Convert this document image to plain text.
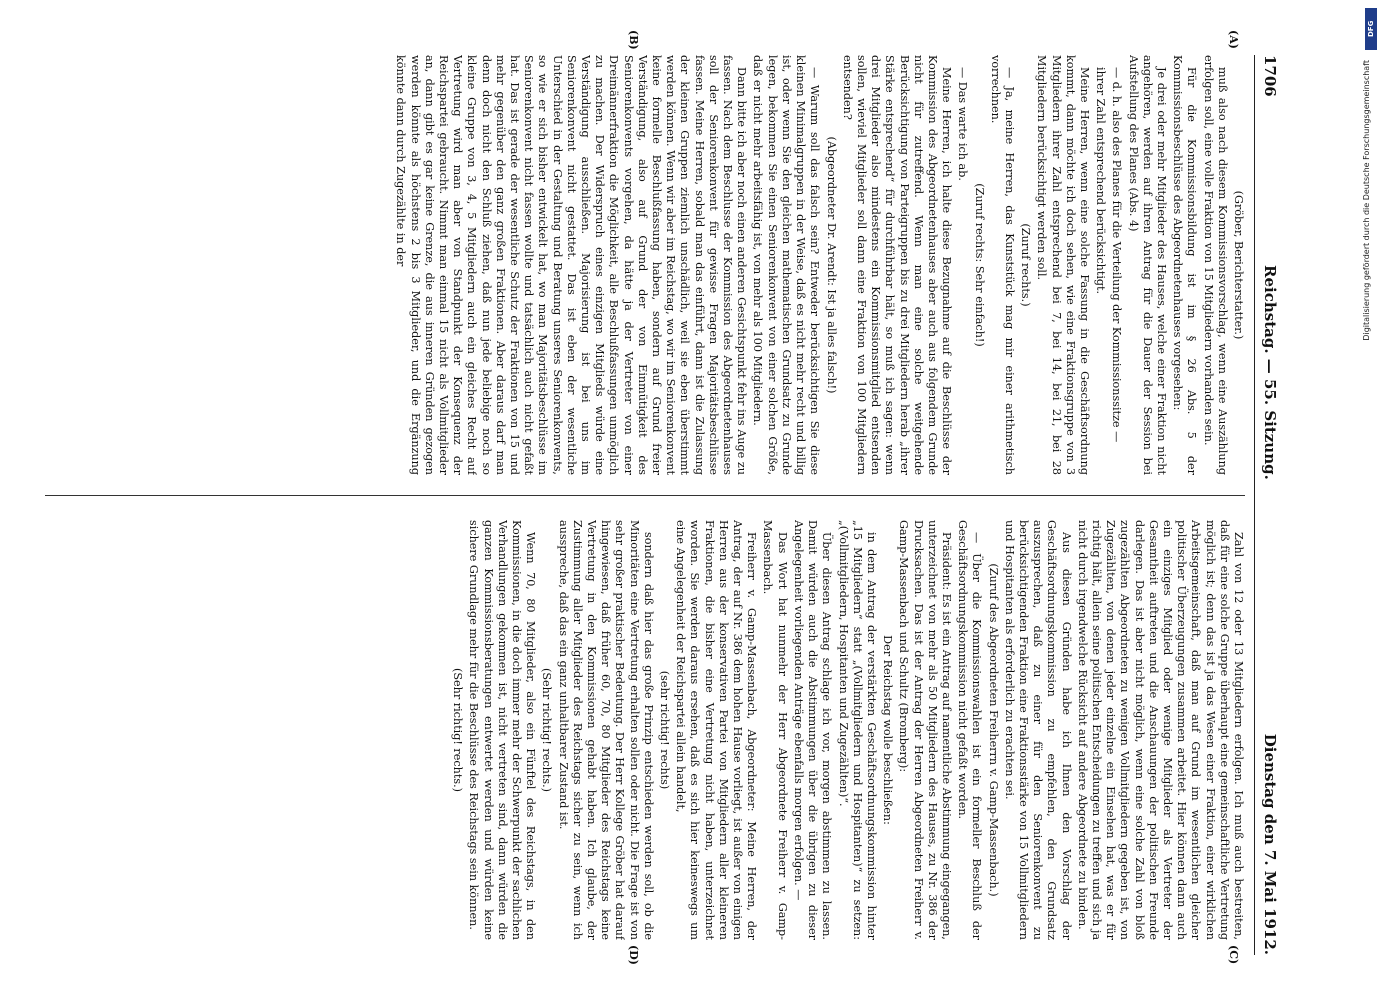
1706
Reichstag. — 55. Sitzung.
Dienstag den 7. Mai 1912.
(A)
(B)
(C)
(D)

(Gröber, Berichterstatter.)

muß also nach diesem Kommissionsvorschlag, wenn eine Auszählung erfolgen soll, eine volle Fraktion von 15 Mitgliedern vorhanden sein.

Für die Kommissionsbildung ist im § 26 Abs. 5 der Kommissionsbeschlüsse des Abgeordnetenhauses vorgesehen:

Je drei oder mehr Mitglieder des Hauses, welche einer Fraktion nicht angehören, werden auf ihren Antrag für die Dauer der Session bei Aufstellung des Planes (Abs. 4)

— d. h. also des Planes für die Verteilung der Kommissionssitze —

ihrer Zahl entsprechend berücksichtigt.

Meine Herren, wenn eine solche Fassung in die Geschäftsordnung kommt, dann möchte ich doch sehen, wie eine Fraktionsgruppe von 3 Mitgliedern ihrer Zahl entsprechend bei 7, bei 14, bei 21, bei 28 Mitgliedern berücksichtigt werden soll.

(Zuruf rechts.)

— Ja, meine Herren, das Kunststück mag mir einer arithmetisch vorrechnen.

(Zuruf rechts: Sehr einfach!)

— Das warte ich ab.

Meine Herren, ich halte diese Bezugnahme auf die Beschlüsse der Kommission des Abgeordnetenhauses aber auch aus folgendem Grunde nicht für zutreffend. Wenn man eine solche weitgehende Berücksichtigung von Parteigruppen bis zu drei Mitgliedern herab „ihrer Stärke entsprechend“ für durchführbar hält, so muß ich sagen: wenn drei Mitglieder also mindestens ein Kommissionsmitglied entsenden sollen, wieviel Mitglieder soll dann eine Fraktion von 100 Mitgliedern entsenden?

(Abgeordneter Dr. Arendt: Ist ja alles falsch!)

— Warum soll das falsch sein? Entweder berücksichtigen Sie diese kleinen Minimalgruppen in der Weise, daß es nicht mehr recht und billig ist, oder wenn Sie den gleichen mathematischen Grundsatz zu Grunde legen, bekommen Sie einen Seniorenkonvent von einer solchen Größe, daß er nicht mehr arbeitsfähig ist, von mehr als 100 Mitgliedern.

Dann bitte ich aber noch einen anderen Gesichtspunkt fehr ins Auge zu fassen. Nach dem Beschlusse der Kommission des Abgeordnetenhauses soll der Seniorenkonvent für gewisse Fragen Majoritätsbeschlüsse fassen. Meine Herren, sobald man das einführt, dann ist die Zulassung der kleinen Gruppen ziemlich unschädlich, weil sie eben überstimmt werden können. Wenn wir aber im Reichstag, wo wir im Seniorenkonvent keine formelle Beschlußfassung haben, sondern auf Grund freier Verständigung, also auf Grund der von Einmütigkeit des Seniorenkonvents vorgehen, da hätte ja der Vertreter von einer Dreimännerfraktion die Möglichkeit, alle Beschlußfassungen unmöglich zu machen. Der Widerspruch eines einzigen Mitglieds würde eine Verständigung ausschließen. Majorisierung ist bei uns im Seniorenkonvent nicht gestattet. Das ist eben der wesentliche Unterschied in der Gestaltung und Beratung unseres Seniorenkonvents, so wie er sich bisher entwickelt hat, wo man Majoritätsbeschlüsse im Seniorenkonvent nicht fassen wollte und tatsächlich auch nicht gefaßt hat. Das ist gerade der wesentliche Schutz der Fraktionen von 15 und mehr gegenüber den ganz großen Fraktionen. Aber daraus darf man denn doch nicht den Schluß ziehen, daß nun jede beliebige noch so kleine Gruppe von 3, 4, 5 Mitgliedern auch ein gleiches Recht auf Vertretung wird man aber von Standpunkt der Konsequenz der Reichspartei gebraucht. Nimmt man einmal 15 nicht als Vollmitglieder an, dann gibt es gar keine Grenze, die aus inneren Gründen gezogen werden könnte als höchstens 2 bis 3 Mitglieder, und die Ergänzung könnte dann durch Zugezählte in der

Zahl von 12 oder 13 Mitgliedern erfolgen. Ich muß auch bestreiten, daß für eine solche Gruppe überhaupt eine gemeinschaftliche Vertretung möglich ist; denn das ist ja das Wesen einer Fraktion, einer wirklichen Arbeitsgemeinschaft, daß man auf Grund im wesentlichen gleicher politischer Überzeugungen zusammen arbeitet. Hier können dann auch ein einziges Mitglied oder wenige Mitglieder als Vertreter der Gesamtheit auftreten und die Anschauungen der politischen Freunde darlegen. Das ist aber nicht möglich, wenn eine solche Zahl von bloß zugezählten Abgeordneten zu wenigen Vollmitgliedern gegeben ist, von Zugezählten, von denen jeder einzelne ein Einsehen hat, was er für richtig hält, allein seine politischen Entscheidungen zu treffen und sich ja nicht durch irgendwelche Rücksicht auf andere Abgeordnete zu binden.

Aus diesen Gründen habe ich Ihnen den Vorschlag der Geschäftsordnungskommission zu empfehlen, den Grundsatz auszusprechen, daß zu einer für den Seniorenkonvent zu berücksichtigenden Fraktion eine Fraktionsstärke von 15 Vollmitgliedern und Hospitanten als erforderlich zu erachten sei.

(Zuruf des Abgeordneten Freiherrn v. Gamp-Massenbach.)

— Über die Kommissionswahlen ist ein formeller Beschluß der Geschäftsordnungskommission nicht gefaßt worden.

Präsident: Es ist ein Antrag auf namentliche Abstimmung eingegangen, unterzeichnet von mehr als 50 Mitgliedern des Hauses, zu Nr. 386 der Drucksachen. Das ist der Antrag der Herren Abgeordneten Freiherr v. Gamp-Massenbach und Schultz (Bromberg):

Der Reichstag wolle beschließen:

in dem Antrag der verstärkten Geschäftsordnungskommission hinter „15 Mitgliedern“ statt „(Vollmitgliedern und Hospitanten)“ zu setzen: „(Vollmitgliedern, Hospitanten und Zugezählten)“.

Über diesen Antrag schlage ich vor, morgen abstimmen zu lassen. Damit würden auch die Abstimmungen über die übrigen zu dieser Angelegenheit vorliegenden Anträge ebenfalls morgen erfolgen. —

Das Wort hat nunmehr der Herr Abgeordnete Freiherr v. Gamp-Massenbach.

Freiherr v. Gamp-Massenbach, Abgeordneter: Meine Herren, der Antrag, der auf Nr. 386 dem hohen Hause vorliegt, ist außer von einigen Herren aus der konservativen Partei von Mitgliedern aller kleineren Fraktionen, die bisher eine Vertretung nicht haben, unterzeichnet worden. Sie werden daraus ersehen, daß es sich hier keineswegs um eine Angelegenheit der Reichspartei allein handelt,

(sehr richtig! rechts)

sondern daß hier das große Prinzip entschieden werden soll, ob die Minoritäten eine Vertretung erhalten sollen oder nicht. Die Frage ist von sehr großer praktischer Bedeutung. Der Herr Kollege Gröber hat darauf hingewiesen, daß früher 60, 70, 80 Mitglieder des Reichstags keine Vertretung in den Kommissionen gehabt haben. Ich glaube, der Zustimmung aller Mitglieder des Reichstags sicher zu sein, wenn ich ausspreche, daß das ein ganz unhaltbarer Zustand ist.

(Sehr richtig! rechts.)

Wenn 70, 80 Mitglieder, also ein Fünftel des Reichstags, in den Kommissionen, in die doch immer mehr der Schwerpunkt der sachlichen Verhandlungen gekommen ist, nicht vertreten sind, dann würden die ganzen Kommissionsberatungen entwertet werden und würden keine sichere Grundlage mehr für die Beschlüsse des Reichstags sein können.

(Sehr richtig! rechts.)

DFG
Digitalisierung gefördert durch die Deutsche Forschungsgemeinschaft
